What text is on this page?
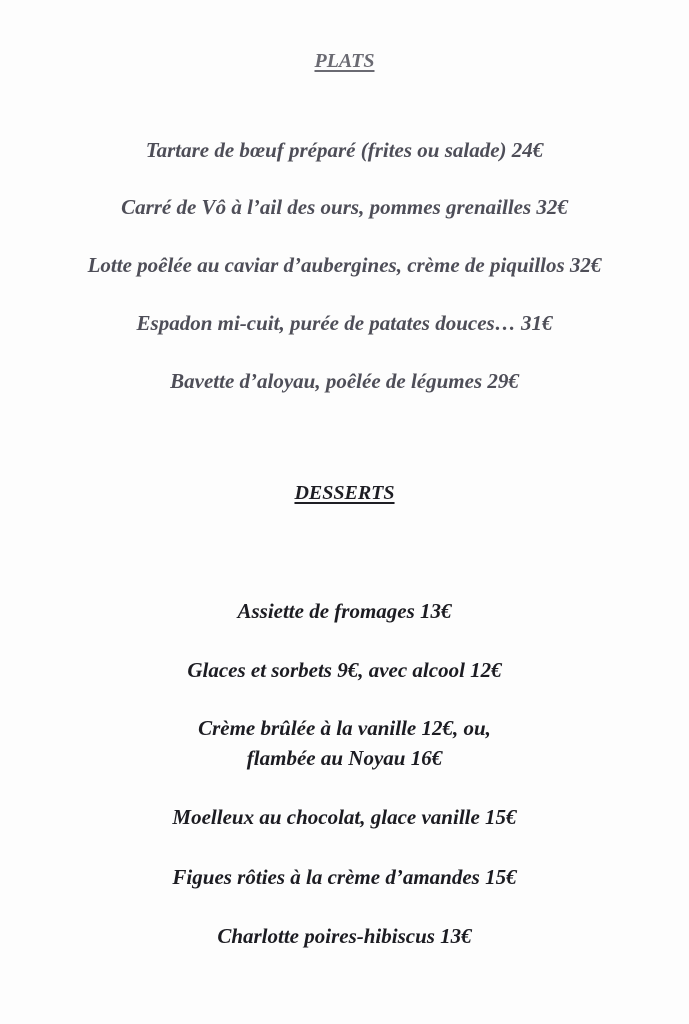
PLATS

Tartare de bœuf préparé (frites ou salade) 24€

Carré de Vô à l’ail des ours, pommes grenailles 32€

Lotte poêlée au caviar d’aubergines, crème de piquillos 32€

Espadon mi-cuit, purée de patates douces… 31€

Bavette d’aloyau, poêlée de légumes 29€

DESSERTS

Assiette de fromages 13€

Glaces et sorbets 9€, avec alcool 12€

Crème brûlée à la vanille 12€, ou,
flambée au Noyau 16€

Moelleux au chocolat, glace vanille 15€

Figues rôties à la crème d’amandes 15€

Charlotte poires-hibiscus 13€
